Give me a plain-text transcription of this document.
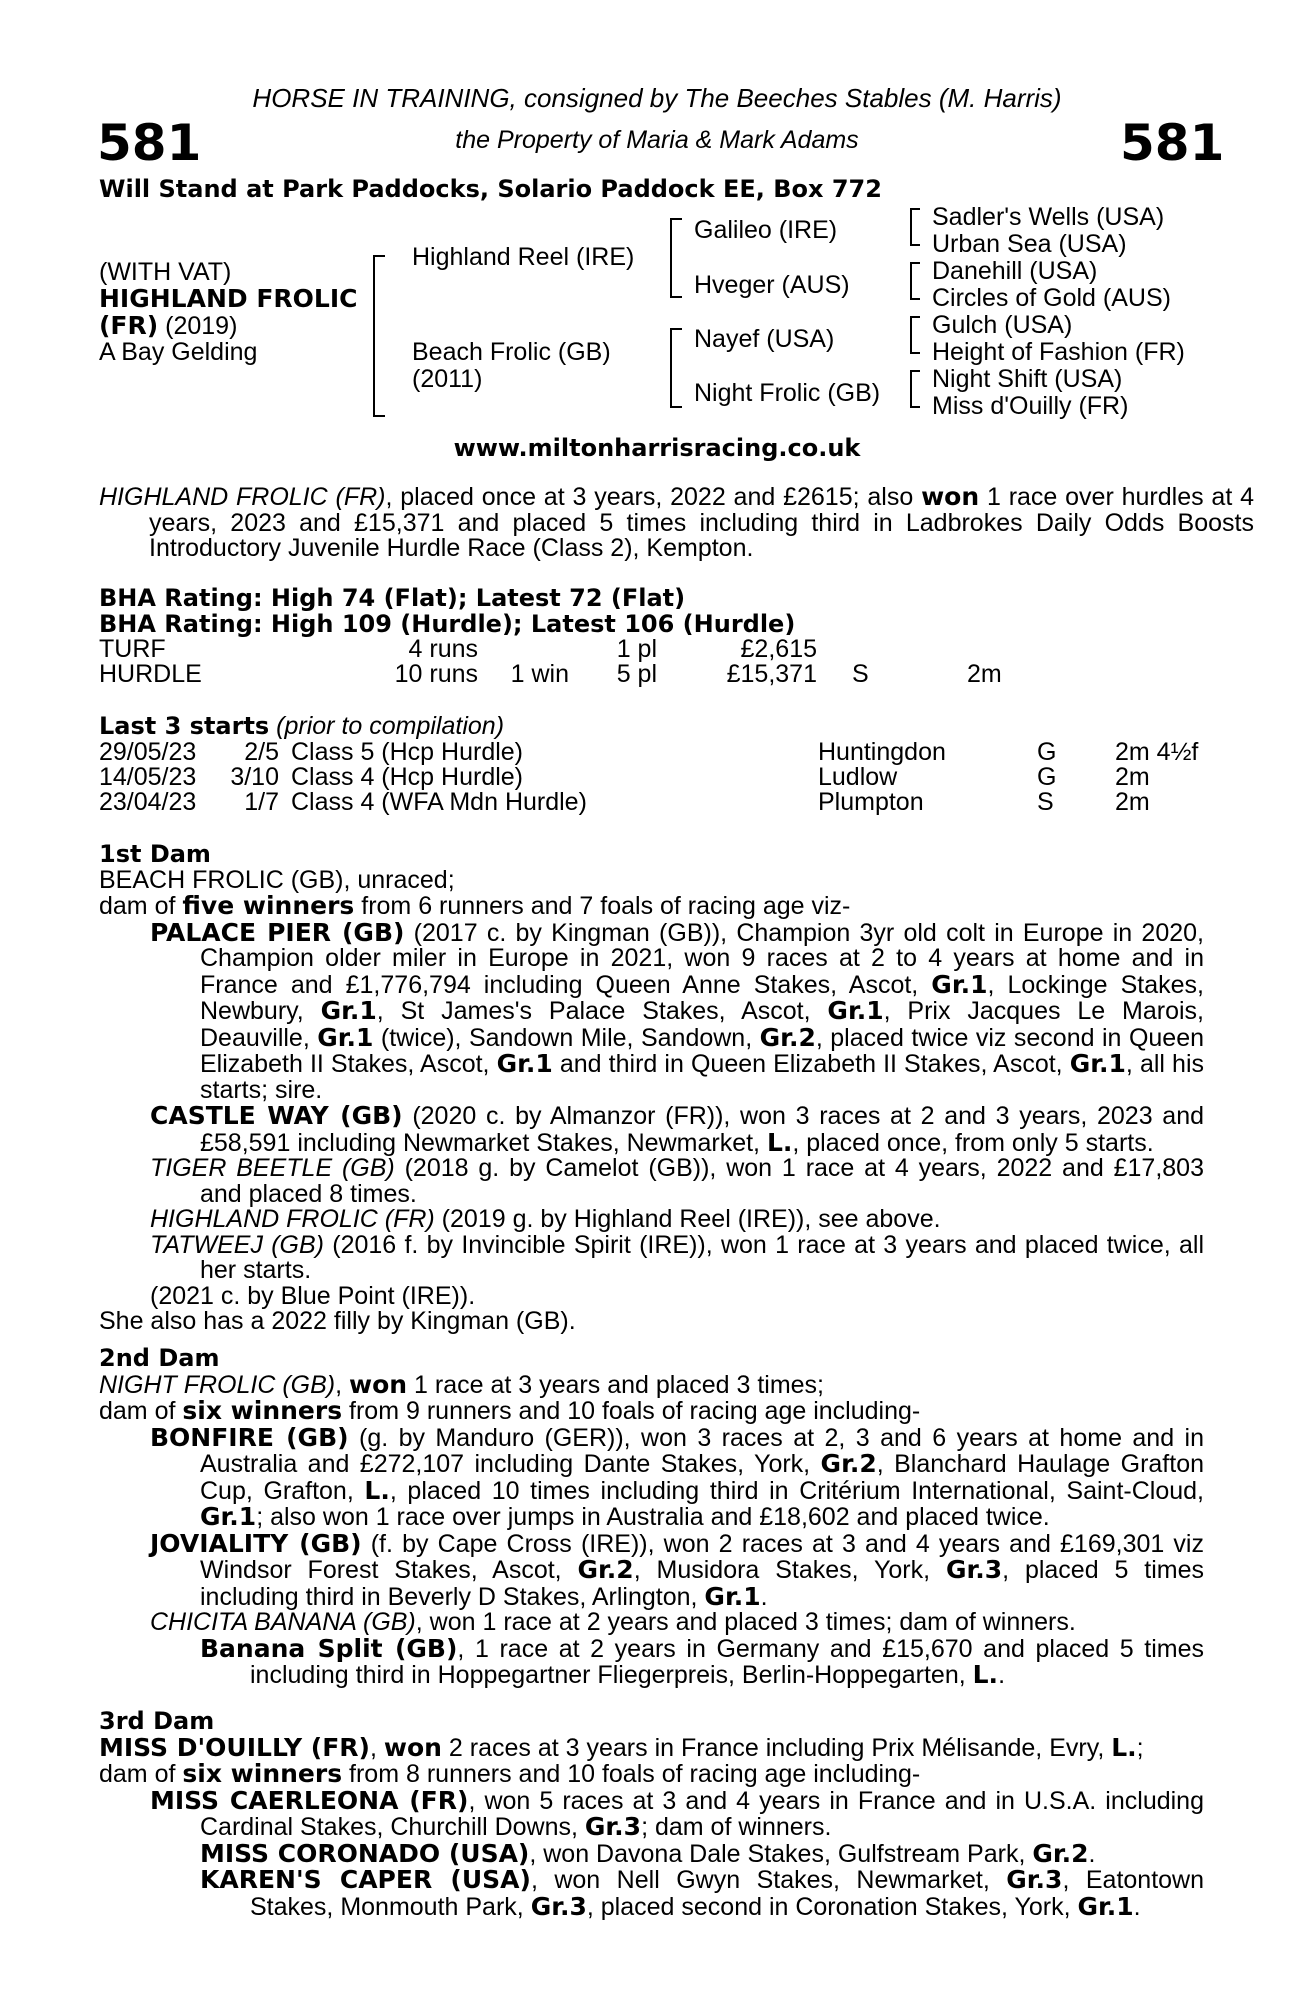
581	581
HORSE IN TRAINING, consigned by The Beeches Stables (M. Harris)
the Property of Maria & Mark Adams
Will Stand at Park Paddocks, Solario Paddock EE, Box 772
(WITH VAT)
HIGHLAND FROLIC
(FR) (2019)
A Bay Gelding
Highland Reel (IRE)
Beach Frolic (GB)
(2011)
Galileo (IRE)
Hveger (AUS)
Nayef (USA)
Night Frolic (GB)
Sadler's Wells (USA)
Urban Sea (USA)
Danehill (USA)
Circles of Gold (AUS)
Gulch (USA)
Height of Fashion (FR)
Night Shift (USA)
Miss d'Ouilly (FR)
www.miltonharrisracing.co.uk

HIGHLAND FROLIC (FR), placed once at 3 years, 2022 and £2615; also won 1 race over hurdles at 4 years, 2023 and £15,371 and placed 5 times including third in Ladbrokes Daily Odds Boosts Introductory Juvenile Hurdle Race (Class 2), Kempton.

BHA Rating: High 74 (Flat); Latest 72 (Flat)
BHA Rating: High 109 (Hurdle); Latest 106 (Hurdle)
TURF	4 runs	1 pl	£2,615
HURDLE	10 runs	1 win	5 pl	£15,371 S	2m
Last 3 starts (prior to compilation)
29/05/23	2/5 Class 5 (Hcp Hurdle)	Huntingdon	G 2m 4½f
14/05/23	3/10 Class 4 (Hcp Hurdle)	Ludlow	G 2m
23/04/23	1/7 Class 4 (WFA Mdn Hurdle)	Plumpton	S 2m

1st Dam

BEACH FROLIC (GB), unraced;

dam of five winners from 6 runners and 7 foals of racing age viz-

PALACE PIER (GB) (2017 c. by Kingman (GB)), Champion 3yr old colt in Europe in 2020, Champion older miler in Europe in 2021, won 9 races at 2 to 4 years at home and in France and £1,776,794 including Queen Anne Stakes, Ascot, Gr.1, Lockinge Stakes, Newbury, Gr.1, St James's Palace Stakes, Ascot, Gr.1, Prix Jacques Le Marois, Deauville, Gr.1 (twice), Sandown Mile, Sandown, Gr.2, placed twice viz second in Queen Elizabeth II Stakes, Ascot, Gr.1 and third in Queen Elizabeth II Stakes, Ascot, Gr.1, all his starts; sire.

CASTLE WAY (GB) (2020 c. by Almanzor (FR)), won 3 races at 2 and 3 years, 2023 and £58,591 including Newmarket Stakes, Newmarket, L., placed once, from only 5 starts.

TIGER BEETLE (GB) (2018 g. by Camelot (GB)), won 1 race at 4 years, 2022 and £17,803 and placed 8 times.

HIGHLAND FROLIC (FR) (2019 g. by Highland Reel (IRE)), see above.

TATWEEJ (GB) (2016 f. by Invincible Spirit (IRE)), won 1 race at 3 years and placed twice, all her starts.

(2021 c. by Blue Point (IRE)).

She also has a 2022 filly by Kingman (GB).

2nd Dam

NIGHT FROLIC (GB), won 1 race at 3 years and placed 3 times;

dam of six winners from 9 runners and 10 foals of racing age including-

BONFIRE (GB) (g. by Manduro (GER)), won 3 races at 2, 3 and 6 years at home and in Australia and £272,107 including Dante Stakes, York, Gr.2, Blanchard Haulage Grafton Cup, Grafton, L., placed 10 times including third in Critérium International, Saint-Cloud, Gr.1; also won 1 race over jumps in Australia and £18,602 and placed twice.

JOVIALITY (GB) (f. by Cape Cross (IRE)), won 2 races at 3 and 4 years and £169,301 viz Windsor Forest Stakes, Ascot, Gr.2, Musidora Stakes, York, Gr.3, placed 5 times including third in Beverly D Stakes, Arlington, Gr.1.

CHICITA BANANA (GB), won 1 race at 2 years and placed 3 times; dam of winners.

Banana Split (GB), 1 race at 2 years in Germany and £15,670 and placed 5 times including third in Hoppegartner Fliegerpreis, Berlin-Hoppegarten, L..

3rd Dam

MISS D'OUILLY (FR), won 2 races at 3 years in France including Prix Mélisande, Evry, L.;

dam of six winners from 8 runners and 10 foals of racing age including-

MISS CAERLEONA (FR), won 5 races at 3 and 4 years in France and in U.S.A. including Cardinal Stakes, Churchill Downs, Gr.3; dam of winners.

MISS CORONADO (USA), won Davona Dale Stakes, Gulfstream Park, Gr.2.

KAREN'S CAPER (USA), won Nell Gwyn Stakes, Newmarket, Gr.3, Eatontown Stakes, Monmouth Park, Gr.3, placed second in Coronation Stakes, York, Gr.1.
